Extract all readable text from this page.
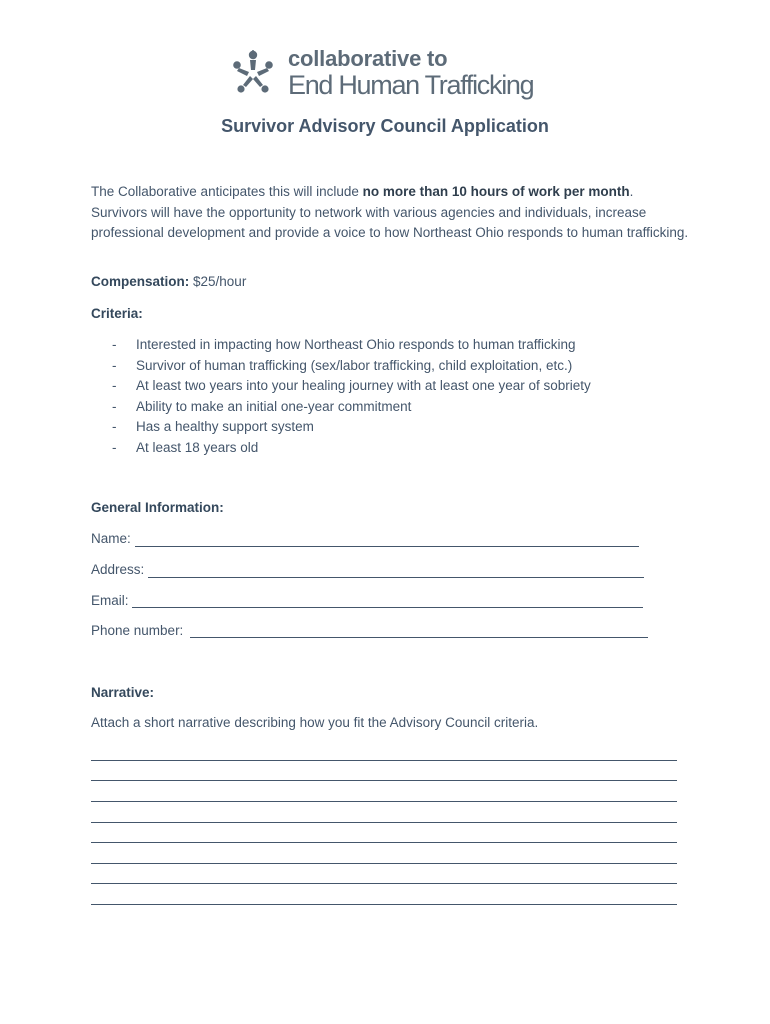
collaborative to
End Human Trafficking
Survivor Advisory Council Application
The Collaborative anticipates this will include no more than 10 hours of work per month. Survivors will have the opportunity to network with various agencies and individuals, increase professional development and provide a voice to how Northeast Ohio responds to human trafficking.
Compensation: $25/hour
Criteria:
- Interested in impacting how Northeast Ohio responds to human trafficking
- Survivor of human trafficking (sex/labor trafficking, child exploitation, etc.)
- At least two years into your healing journey with at least one year of sobriety
- Ability to make an initial one-year commitment
- Has a healthy support system
- At least 18 years old
General Information:
Name:
Address:
Email:
Phone number:
Narrative:
Attach a short narrative describing how you fit the Advisory Council criteria.
